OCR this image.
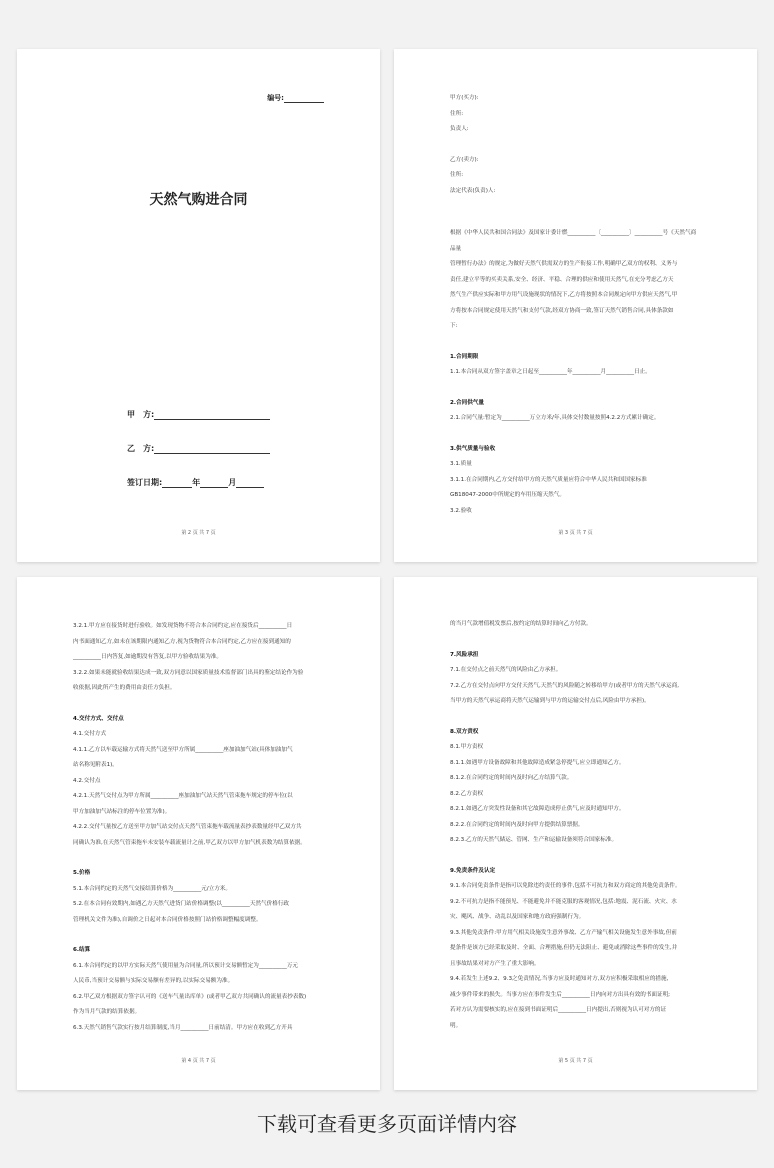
编号:
天然气购进合同
甲　方:
乙　方:
签订日期:	年	月
第 2 页 共 7 页

甲方(买方):

住所:

负责人:

乙方(卖方):

住所:

法定代表(负责)人:

根据《中华人民共和国合同法》及国家计委计燃__________〔__________〕__________号《天然气商品量

管理暂行办法》的规定,为做好天然气供需双方的生产衔接工作,明确甲乙双方的权利、义务与

责任,建立平等的买卖关系,安全、经济、平稳、合理的供应和使用天然气,在充分考虑乙方天

然气生产供应实际和甲方用气设施现状的情况下,乙方将按照本合同规定向甲方供应天然气,甲

方将按本合同规定使用天然气和支付气款,经双方协商一致,签订天然气销售合同,具体条款如

下:

1.合同期限

1.1.本合同从双方签字盖章之日起至__________年__________月__________日止。

2.合同供气量

2.1.合同气量:暂定为__________万立方米/年,具体交付数量按照4.2.2方式累计确定。

3.供气质量与验收

3.1.质量

3.1.1.在合同期内,乙方交付给甲方的天然气质量应符合中华人民共和国国家标准

GB18047-2000中所规定的车用压缩天然气。

3.2.验收

第 3 页 共 7 页

3.2.1.甲方应在接货时进行验收。如发现货物不符合本合同约定,应在接货后__________日

内书面通知乙方,如未在该期限内通知乙方,视为货物符合本合同约定,乙方应在接到通知的

__________日内答复,如逾期没有答复,以甲方验收结果为准。

3.2.2.如果未能就验收结果达成一致,双方同意以国家质量技术监督部门出具的鉴定结论作为验

收依据,因此所产生的费用由责任方负担。

4.交付方式、交付点

4.1.交付方式

4.1.1.乙方以车载运输方式将天然气送至甲方所属__________座加油加气站(具体加油加气

站名称见附表1)。

4.2.交付点

4.2.1.天然气交付点为甲方所属__________座加油加气站天然气管束拖车规定的停车位(以

甲方加油加气站标注的停车位置为准)。

4.2.2.交付气量按乙方送至甲方加气站交付点天然气管束拖车载流量表抄表数量经甲乙双方共

同确认为准,在天然气管束拖车未安装车载流量计之前,甲乙双方以甲方加气机表数为结算依据。

5.价格

5.1.本合同约定的天然气交接结算价格为__________元/立方米。

5.2.在本合同有效期内,如遇乙方天然气进货门站价格调整(以__________天然气价格行政

管理机关文件为准),自调价之日起对本合同价格按照门站价格调整幅度调整。

6.结算

6.1.本合同约定的以甲方实际天然气使用量为合同量,所以预计交易额暂定为__________万元

人民币,当预计交易额与实际交易额有差异的,以实际交易额为准。

6.2.甲乙双方根据双方签字认可的《送车气量出库单》(或者甲乙双方共同确认的流量表抄表数)

作为当月气款的结算依据。

6.3.天然气销售气款实行按月结算制度,当月__________日前结清。甲方应在收到乙方开具

第 4 页 共 7 页

的当月气款增值税发票后,按约定的结算时间向乙方付款。

7.风险承担

7.1.在交付点之前天然气的风险由乙方承担。

7.2.乙方在交付点向甲方交付天然气,天然气的风险随之转移给甲方(或者甲方的天然气承运商,

当甲方的天然气承运商将天然气运输到与甲方的运输交付点后,风险由甲方承担)。

8.双方责权

8.1.甲方责权

8.1.1.如遇甲方设备故障和其他故障造成紧急停提气,应立即通知乙方。

8.1.2.在合同约定的时间内及时向乙方结算气款。

8.2.乙方责权

8.2.1.如遇乙方突发性设备和其它故障造成停止供气,应及时通知甲方。

8.2.2.在合同约定的时间内及时向甲方提供结算票据。

8.2.3.乙方的天然气储运、管网、生产和运输设备须符合国家标准。

9.免责条件及认定

9.1.本合同免责条件是指可以免除违约责任的事件,包括不可抗力和双方商定的其他免责条件。

9.2.不可抗力是指不能预见、不能避免并不能克服的客观情况,包括:地震、泥石流、火灾、水

灾、飓风、战争、动乱以及国家和地方政府强制行为。

9.3.其他免责条件:甲方用气相关设施发生意外事故、乙方产输气相关设施发生意外事故,但前

提条件是该方已经采取及时、全面、合理措施,但仍无法阻止、避免或消除这些事件的发生,并

且事故结果对对方产生了重大影响。

9.4.若发生上述9.2、9.3之免责情况,当事方应及时通知对方,双方应积极采取相应的措施,

减少事件带来的损失。当事方应在事件发生后__________日内向对方出具有效的书面证明;

若对方认为需要核实的,应在接到书面证明后__________日内提出,否则视为认可对方的证

明。

第 5 页 共 7 页
下载可查看更多页面详情内容
